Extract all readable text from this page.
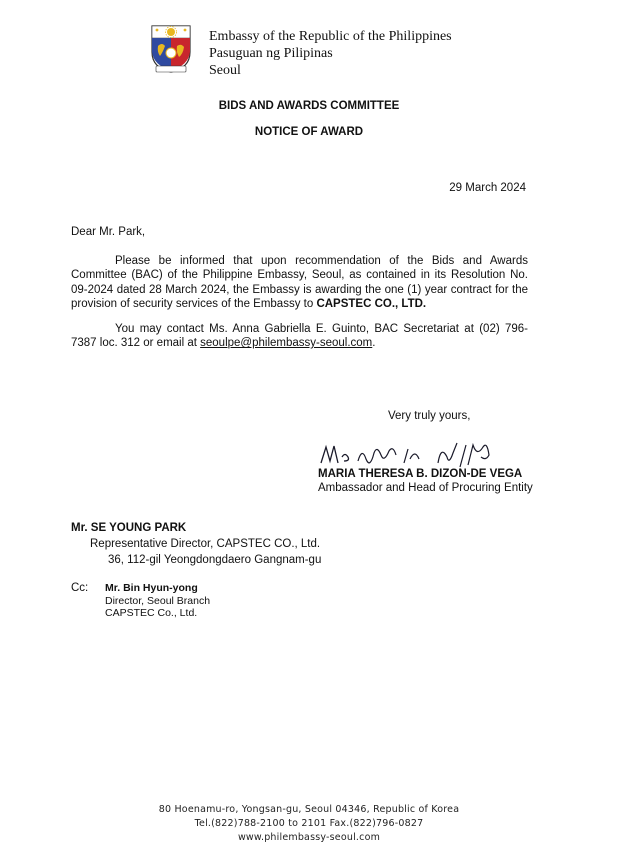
Embassy of the Republic of the Philippines
Pasuguan ng Pilipinas
Seoul
BIDS AND AWARDS COMMITTEE
NOTICE OF AWARD
29 March 2024
Dear Mr. Park,
Please be informed that upon recommendation of the Bids and Awards Committee (BAC) of the Philippine Embassy, Seoul, as contained in its Resolution No. 09-2024 dated 28 March 2024, the Embassy is awarding the one (1) year contract for the provision of security services of the Embassy to CAPSTEC CO., LTD.
You may contact Ms. Anna Gabriella E. Guinto, BAC Secretariat at (02) 796-7387 loc. 312 or email at seoulpe@philembassy-seoul.com.
Very truly yours,
MARIA THERESA B. DIZON-DE VEGA
Ambassador and Head of Procuring Entity
Mr. SE YOUNG PARK
Representative Director, CAPSTEC CO., Ltd.
36, 112-gil Yeongdongdaero Gangnam-gu
Cc: Mr. Bin Hyun-yong
Director, Seoul Branch
CAPSTEC Co., Ltd.
80 Hoenamu-ro, Yongsan-gu, Seoul 04346, Republic of Korea
Tel.(822)788-2100 to 2101 Fax.(822)796-0827
www.philembassy-seoul.com
